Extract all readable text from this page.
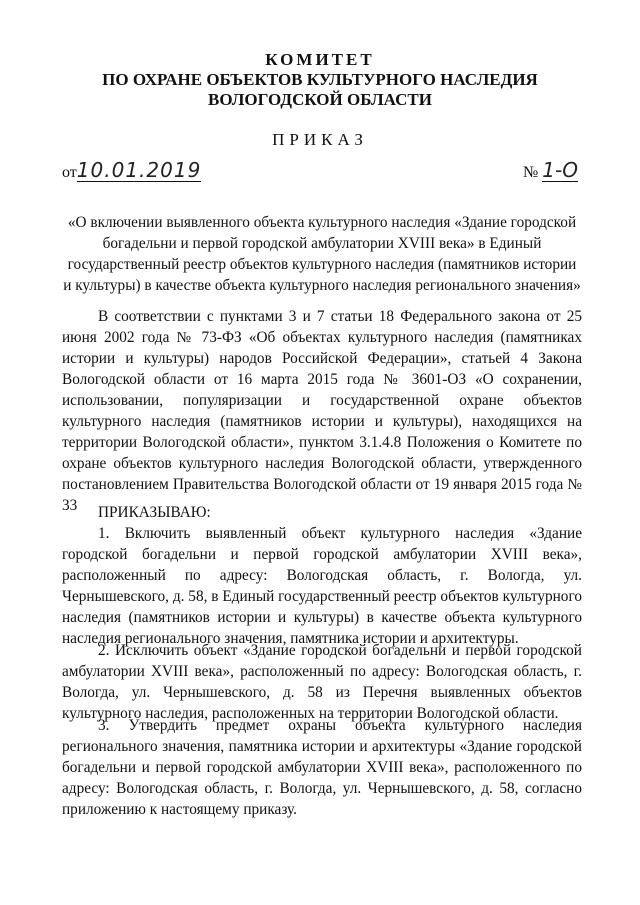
КОМИТЕТ
ПО ОХРАНЕ ОБЪЕКТОВ КУЛЬТУРНОГО НАСЛЕДИЯ
ВОЛОГОДСКОЙ ОБЛАСТИ
ПРИКАЗ
от10.01.2019	№ 1-О
«О включении выявленного объекта культурного наследия «Здание городской богадельни и первой городской амбулатории XVIII века» в Единый государственный реестр объектов культурного наследия (памятников истории и культуры) в качестве объекта культурного наследия регионального значения»

В соответствии с пунктами 3 и 7 статьи 18 Федерального закона от 25 июня 2002 года № 73-ФЗ «Об объектах культурного наследия (памятниках истории и культуры) народов Российской Федерации», статьей 4 Закона Вологодской области от 16 марта 2015 года № 3601-ОЗ «О сохранении, использовании, популяризации и государственной охране объектов культурного наследия (памятников истории и культуры), находящихся на территории Вологодской области», пунктом 3.1.4.8 Положения о Комитете по охране объектов культурного наследия Вологодской области, утвержденного постановлением Правительства Вологодской области от 19 января 2015 года № 33	ПРИКАЗЫВАЮ:

1. Включить выявленный объект культурного наследия «Здание городской богадельни и первой городской амбулатории XVIII века», расположенный по адресу: Вологодская область, г. Вологда, ул. Чернышевского, д. 58, в Единый государственный реестр объектов культурного наследия (памятников истории и культуры) в качестве объекта культурного наследия регионального значения, памятника истории и архитектуры.

2. Исключить объект «Здание городской богадельни и первой городской амбулатории XVIII века», расположенный по адресу: Вологодская область, г. Вологда, ул. Чернышевского, д. 58 из Перечня выявленных объектов культурного наследия, расположенных на территории Вологодской области.

3. Утвердить предмет охраны объекта культурного наследия регионального значения, памятника истории и архитектуры «Здание городской богадельни и первой городской амбулатории XVIII века», расположенного по адресу: Вологодская область, г. Вологда, ул. Чернышевского, д. 58, согласно приложению к настоящему приказу.
